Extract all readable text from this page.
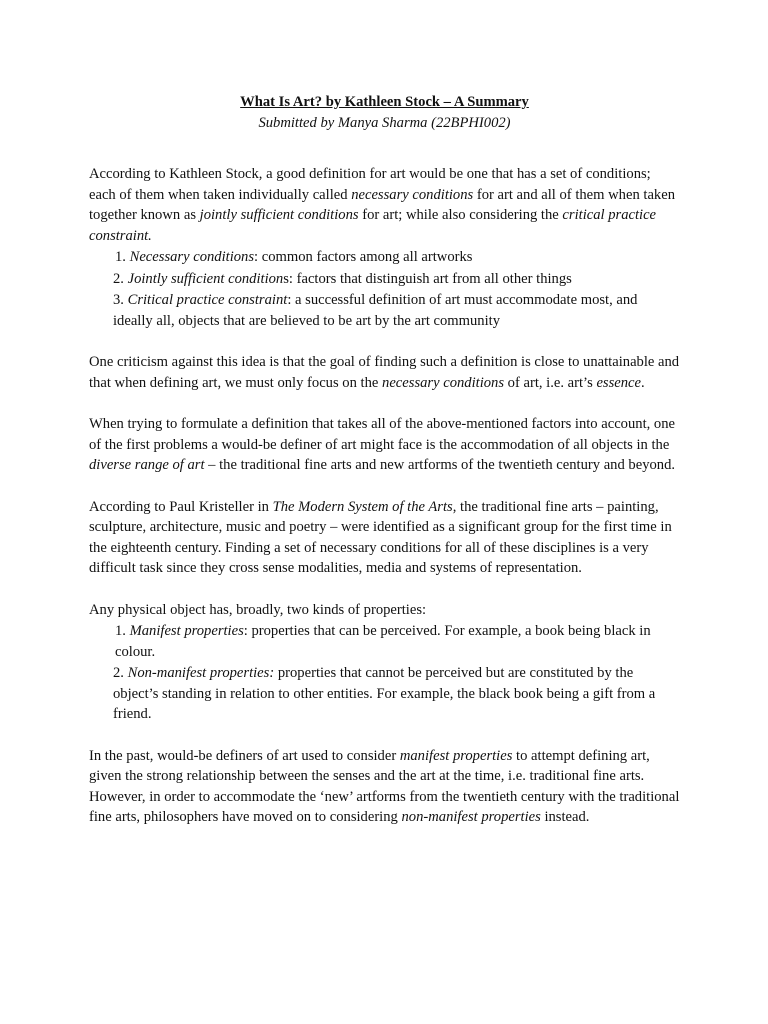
What Is Art? by Kathleen Stock – A Summary

Submitted by Manya Sharma (22BPHI002)

According to Kathleen Stock, a good definition for art would be one that has a set of conditions; each of them when taken individually called necessary conditions for art and all of them when taken together known as jointly sufficient conditions for art; while also considering the critical practice constraint.

1. Necessary conditions: common factors among all artworks
2. Jointly sufficient conditions: factors that distinguish art from all other things
3. Critical practice constraint: a successful definition of art must accommodate most, and ideally all, objects that are believed to be art by the art community

One criticism against this idea is that the goal of finding such a definition is close to unattainable and that when defining art, we must only focus on the necessary conditions of art, i.e. art’s essence.

When trying to formulate a definition that takes all of the above-mentioned factors into account, one of the first problems a would-be definer of art might face is the accommodation of all objects in the diverse range of art – the traditional fine arts and new artforms of the twentieth century and beyond.

According to Paul Kristeller in The Modern System of the Arts, the traditional fine arts – painting, sculpture, architecture, music and poetry – were identified as a significant group for the first time in the eighteenth century. Finding a set of necessary conditions for all of these disciplines is a very difficult task since they cross sense modalities, media and systems of representation.

Any physical object has, broadly, two kinds of properties:

1. Manifest properties: properties that can be perceived. For example, a book being black in colour.
2. Non-manifest properties: properties that cannot be perceived but are constituted by the object’s standing in relation to other entities. For example, the black book being a gift from a friend.

In the past, would-be definers of art used to consider manifest properties to attempt defining art, given the strong relationship between the senses and the art at the time, i.e. traditional fine arts. However, in order to accommodate the ‘new’ artforms from the twentieth century with the traditional fine arts, philosophers have moved on to considering non-manifest properties instead.
